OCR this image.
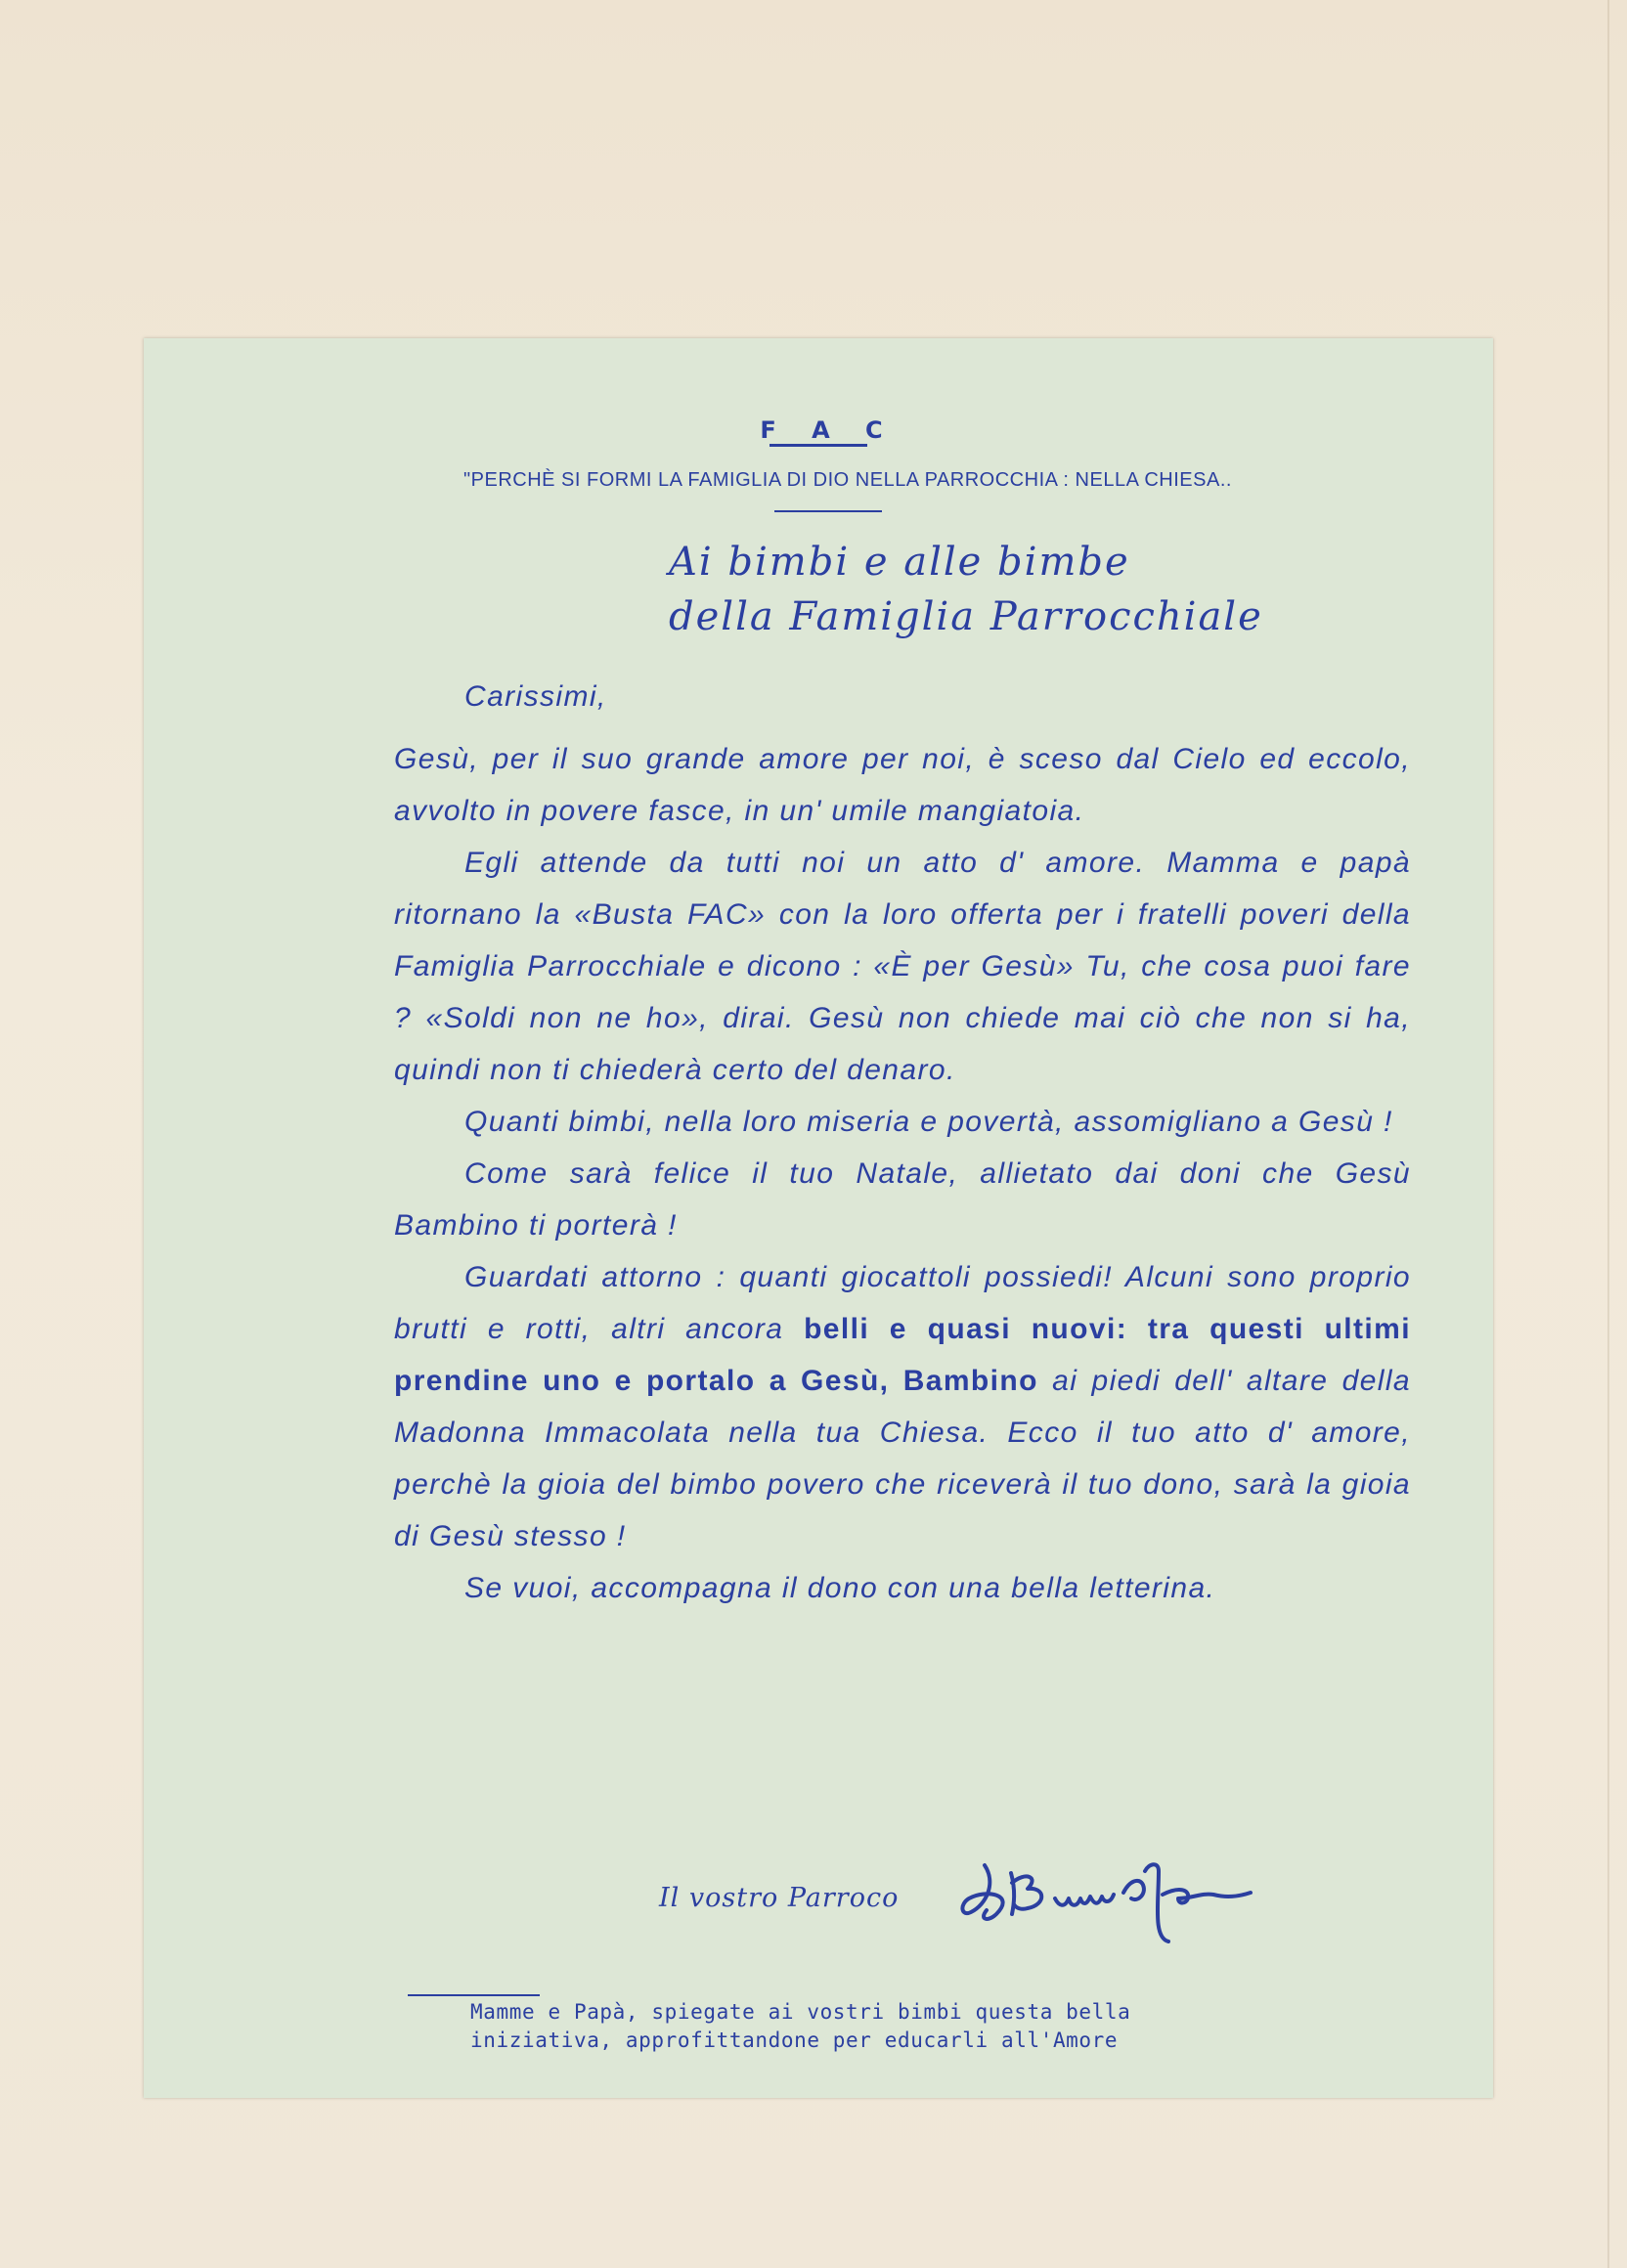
F A C
"PERCHÈ SI FORMI LA FAMIGLIA DI DIO NELLA PARROCCHIA : NELLA CHIESA..
Ai bimbi e alle bimbe
della Famiglia Parrocchiale
Carissimi,

Gesù, per il suo grande amore per noi, è sceso dal Cielo ed eccolo, avvolto in povere fasce, in un' umile mangiatoia.

Egli attende da tutti noi un atto d' amore. Mamma e papà ritornano la «Busta FAC» con la loro offerta per i fratelli poveri della Famiglia Parrocchiale e dicono : «È per Gesù» Tu, che cosa puoi fare ? «Soldi non ne ho», dirai. Gesù non chiede mai ciò che non si ha, quindi non ti chiederà certo del denaro.

Quanti bimbi, nella loro miseria e povertà, assomigliano a Gesù !

Come sarà felice il tuo Natale, allietato dai doni che Gesù Bambino ti porterà !

Guardati attorno : quanti giocattoli possiedi! Alcuni sono proprio brutti e rotti, altri ancora belli e quasi nuovi: tra questi ultimi prendine uno e portalo a Gesù, Bambino ai piedi dell' altare della Madonna Immacolata nella tua Chiesa. Ecco il tuo atto d' amore, perchè la gioia del bimbo povero che riceverà il tuo dono, sarà la gioia di Gesù stesso !

Se vuoi, accompagna il dono con una bella letterina.

Il vostro Parroco
Mamme e Papà, spiegate ai vostri bimbi questa bella
iniziativa, approfittandone per educarli all'Amore
